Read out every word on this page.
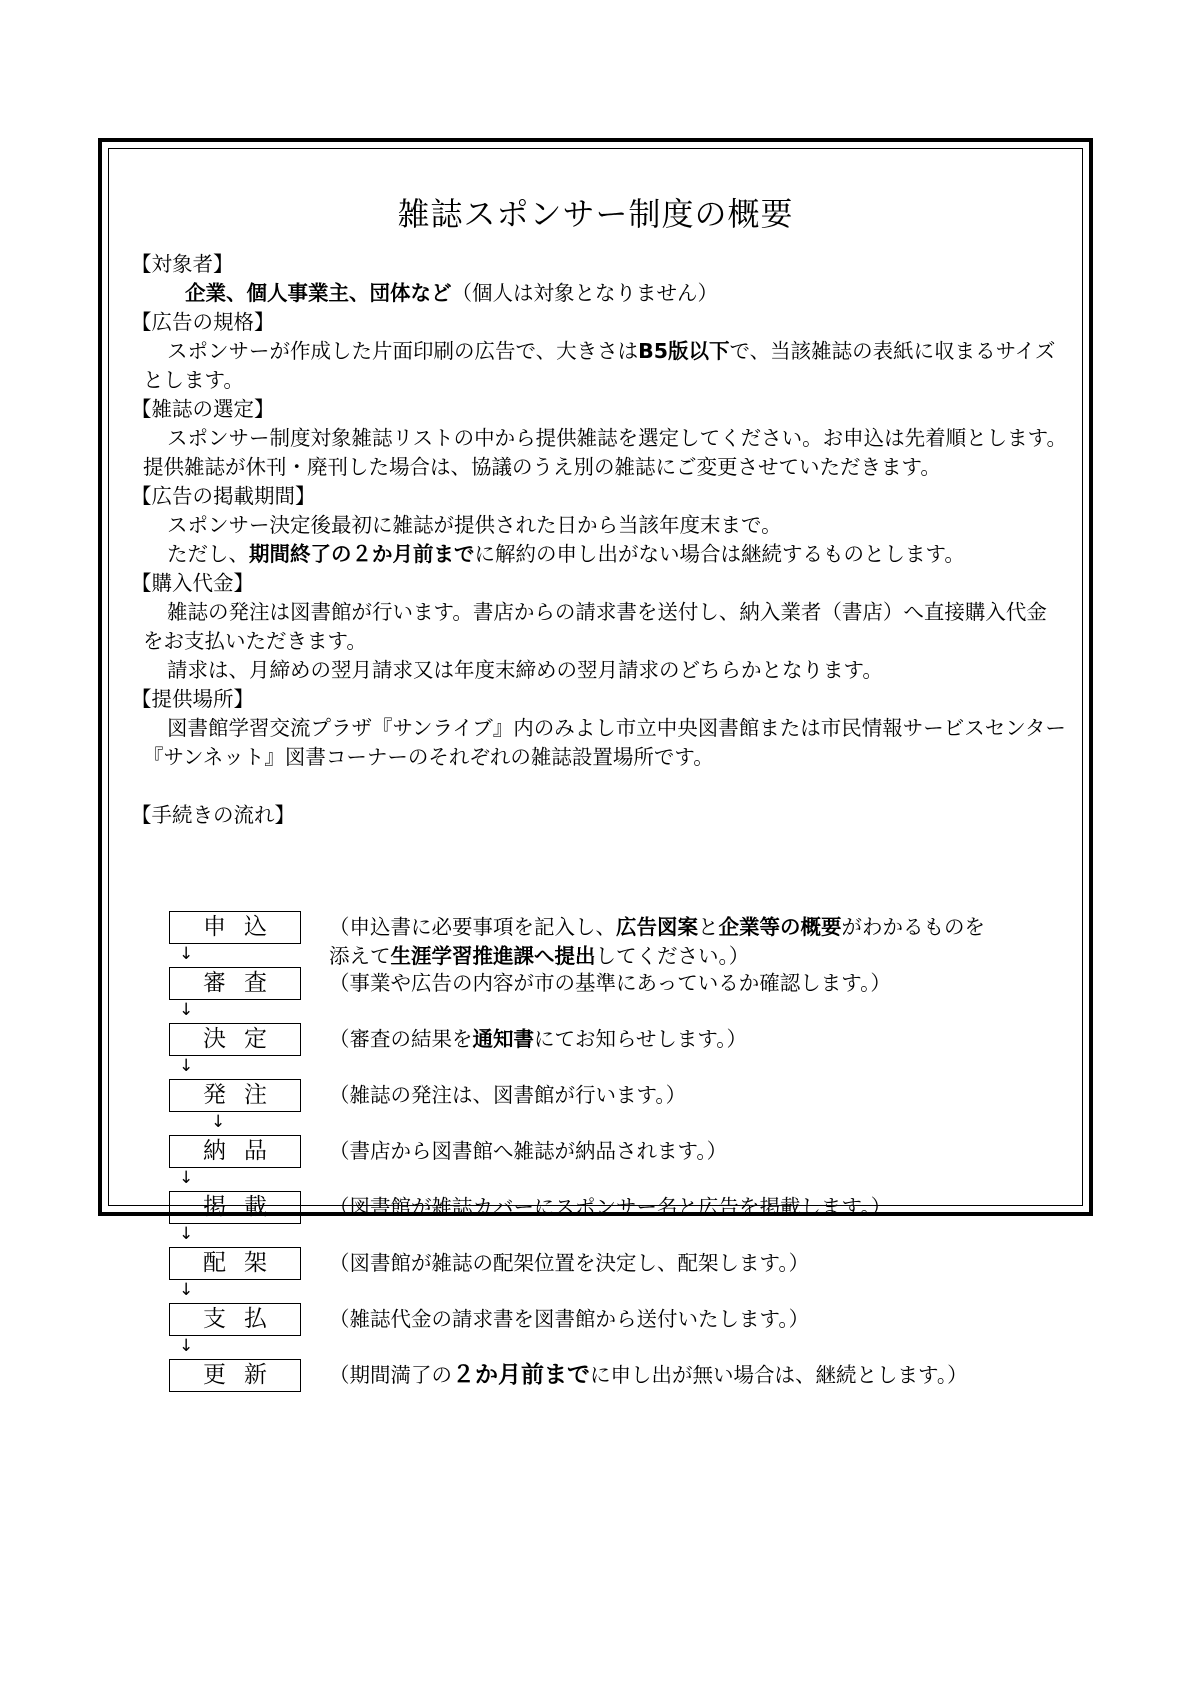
雑誌スポンサー制度の概要
【対象者】
企業、個人事業主、団体など（個人は対象となりません）
【広告の規格】
スポンサーが作成した片面印刷の広告で、大きさはB5版以下で、当該雑誌の表紙に収まるサイズとします。
【雑誌の選定】
スポンサー制度対象雑誌リストの中から提供雑誌を選定してください。お申込は先着順とします。提供雑誌が休刊・廃刊した場合は、協議のうえ別の雑誌にご変更させていただきます。
【広告の掲載期間】
スポンサー決定後最初に雑誌が提供された日から当該年度末まで。
ただし、期間終了の２か月前までに解約の申し出がない場合は継続するものとします。
【購入代金】
雑誌の発注は図書館が行います。書店からの請求書を送付し、納入業者（書店）へ直接購入代金をお支払いただきます。
請求は、月締めの翌月請求又は年度末締めの翌月請求のどちらかとなります。
【提供場所】
図書館学習交流プラザ『サンライブ』内のみよし市立中央図書館または市民情報サービスセンター『サンネット』図書コーナーのそれぞれの雑誌設置場所です。
【手続きの流れ】
申込	（申込書に必要事項を記入し、広告図案と企業等の概要がわかるものを
添えて生涯学習推進課へ提出してください。）
↓
審査	（事業や広告の内容が市の基準にあっているか確認します。）
↓
決定	（審査の結果を通知書にてお知らせします。）
↓
発注	（雑誌の発注は、図書館が行います。）
↓
納品	（書店から図書館へ雑誌が納品されます。）
↓
掲載	（図書館が雑誌カバーにスポンサー名と広告を掲載します。）
↓
配架	（図書館が雑誌の配架位置を決定し、配架します。）
↓
支払	（雑誌代金の請求書を図書館から送付いたします。）
↓
更新	（期間満了の２か月前までに申し出が無い場合は、継続とします。）
